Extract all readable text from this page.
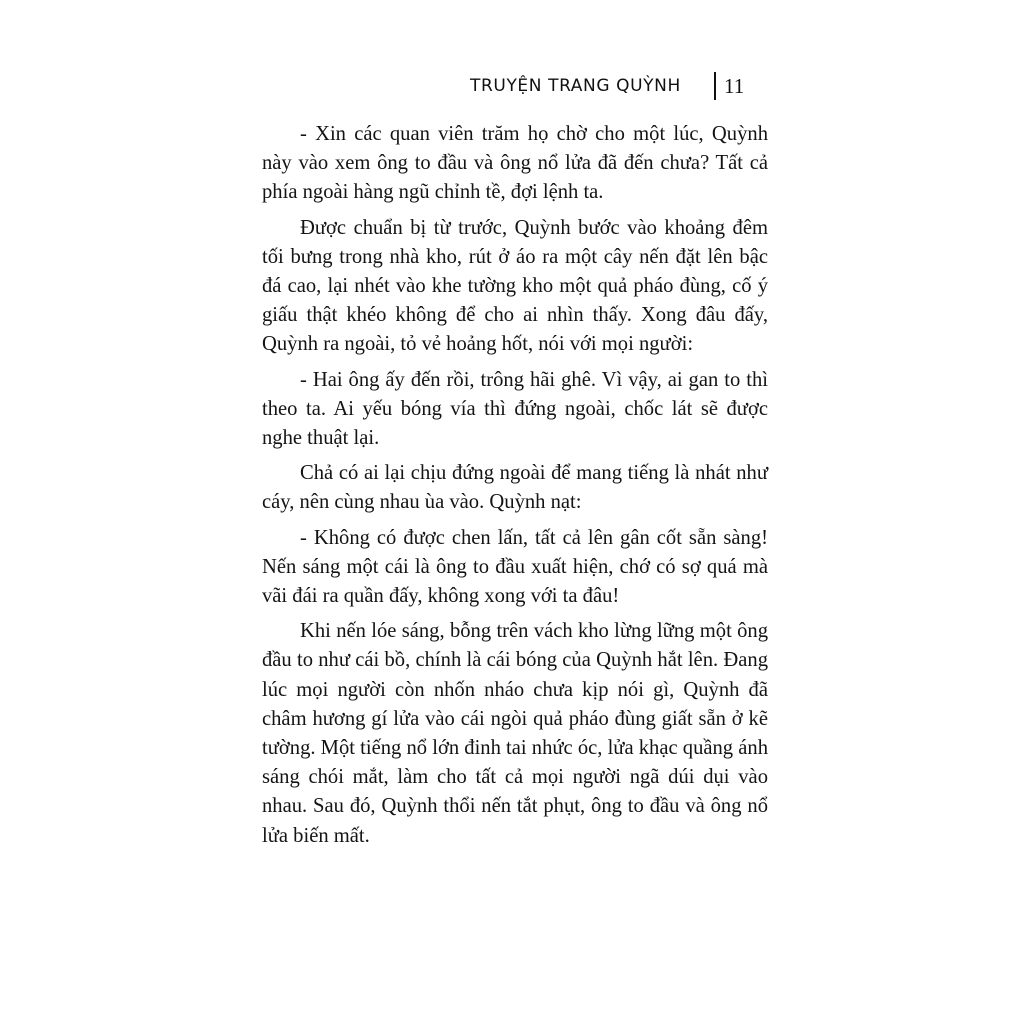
TRUYỆN TRANG QUỲNH 11

- Xin các quan viên trăm họ chờ cho một lúc, Quỳnh này vào xem ông to đầu và ông nổ lửa đã đến chưa? Tất cả phía ngoài hàng ngũ chỉnh tề, đợi lệnh ta.

Được chuẩn bị từ trước, Quỳnh bước vào khoảng đêm tối bưng trong nhà kho, rút ở áo ra một cây nến đặt lên bậc đá cao, lại nhét vào khe tường kho một quả pháo đùng, cố ý giấu thật khéo không để cho ai nhìn thấy. Xong đâu đấy, Quỳnh ra ngoài, tỏ vẻ hoảng hốt, nói với mọi người:

- Hai ông ấy đến rồi, trông hãi ghê. Vì vậy, ai gan to thì theo ta. Ai yếu bóng vía thì đứng ngoài, chốc lát sẽ được nghe thuật lại.

Chả có ai lại chịu đứng ngoài để mang tiếng là nhát như cáy, nên cùng nhau ùa vào. Quỳnh nạt:

- Không có được chen lấn, tất cả lên gân cốt sẵn sàng! Nến sáng một cái là ông to đầu xuất hiện, chớ có sợ quá mà vãi đái ra quần đấy, không xong với ta đâu!

Khi nến lóe sáng, bỗng trên vách kho lừng lững một ông đầu to như cái bồ, chính là cái bóng của Quỳnh hắt lên. Đang lúc mọi người còn nhốn nháo chưa kịp nói gì, Quỳnh đã châm hương gí lửa vào cái ngòi quả pháo đùng giất sẵn ở kẽ tường. Một tiếng nổ lớn đinh tai nhức óc, lửa khạc quầng ánh sáng chói mắt, làm cho tất cả mọi người ngã dúi dụi vào nhau. Sau đó, Quỳnh thổi nến tắt phụt, ông to đầu và ông nổ lửa biến mất.
